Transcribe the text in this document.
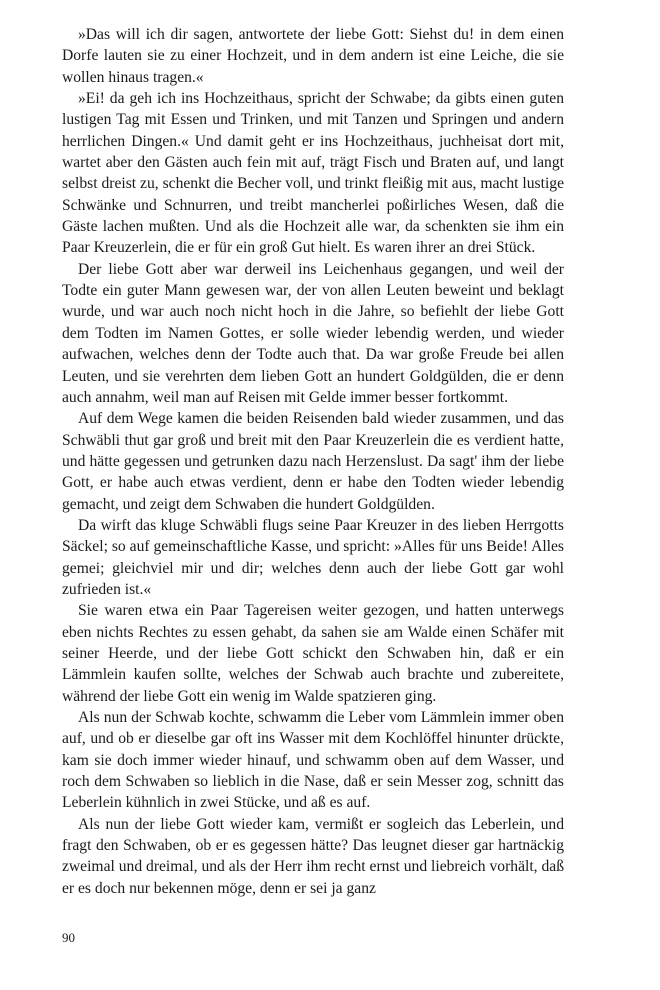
»Das will ich dir sagen, antwortete der liebe Gott: Siehst du! in dem einen Dorfe lauten sie zu einer Hochzeit, und in dem andern ist eine Leiche, die sie wollen hinaus tragen.«

»Ei! da geh ich ins Hochzeithaus, spricht der Schwabe; da gibts einen guten lustigen Tag mit Essen und Trinken, und mit Tanzen und Springen und andern herrlichen Dingen.« Und damit geht er ins Hochzeithaus, juchheisat dort mit, wartet aber den Gästen auch fein mit auf, trägt Fisch und Braten auf, und langt selbst dreist zu, schenkt die Becher voll, und trinkt fleißig mit aus, macht lustige Schwänke und Schnurren, und treibt mancherlei poßirliches Wesen, daß die Gäste lachen mußten. Und als die Hochzeit alle war, da schenkten sie ihm ein Paar Kreuzerlein, die er für ein groß Gut hielt. Es waren ihrer an drei Stück.

Der liebe Gott aber war derweil ins Leichenhaus gegangen, und weil der Todte ein guter Mann gewesen war, der von allen Leuten beweint und beklagt wurde, und war auch noch nicht hoch in die Jahre, so befiehlt der liebe Gott dem Todten im Namen Gottes, er solle wieder lebendig werden, und wieder aufwachen, welches denn der Todte auch that. Da war große Freude bei allen Leuten, und sie verehrten dem lieben Gott an hundert Goldgülden, die er denn auch annahm, weil man auf Reisen mit Gelde immer besser fortkommt.

Auf dem Wege kamen die beiden Reisenden bald wieder zusammen, und das Schwäbli thut gar groß und breit mit den Paar Kreuzerlein die es verdient hatte, und hätte gegessen und getrunken dazu nach Herzenslust. Da sagt' ihm der liebe Gott, er habe auch etwas verdient, denn er habe den Todten wieder lebendig gemacht, und zeigt dem Schwaben die hundert Goldgülden.

Da wirft das kluge Schwäbli flugs seine Paar Kreuzer in des lieben Herrgotts Säckel; so auf gemeinschaftliche Kasse, und spricht: »Alles für uns Beide! Alles gemei; gleichviel mir und dir; welches denn auch der liebe Gott gar wohl zufrieden ist.«

Sie waren etwa ein Paar Tagereisen weiter gezogen, und hatten unterwegs eben nichts Rechtes zu essen gehabt, da sahen sie am Walde einen Schäfer mit seiner Heerde, und der liebe Gott schickt den Schwaben hin, daß er ein Lämmlein kaufen sollte, welches der Schwab auch brachte und zubereitete, während der liebe Gott ein wenig im Walde spatzieren ging.

Als nun der Schwab kochte, schwamm die Leber vom Lämmlein immer oben auf, und ob er dieselbe gar oft ins Wasser mit dem Kochlöffel hinunter drückte, kam sie doch immer wieder hinauf, und schwamm oben auf dem Wasser, und roch dem Schwaben so lieblich in die Nase, daß er sein Messer zog, schnitt das Leberlein kühnlich in zwei Stücke, und aß es auf.

Als nun der liebe Gott wieder kam, vermißt er sogleich das Leberlein, und fragt den Schwaben, ob er es gegessen hätte? Das leugnet dieser gar hartnäckig zweimal und dreimal, und als der Herr ihm recht ernst und liebreich vorhält, daß er es doch nur bekennen möge, denn er sei ja ganz

90
